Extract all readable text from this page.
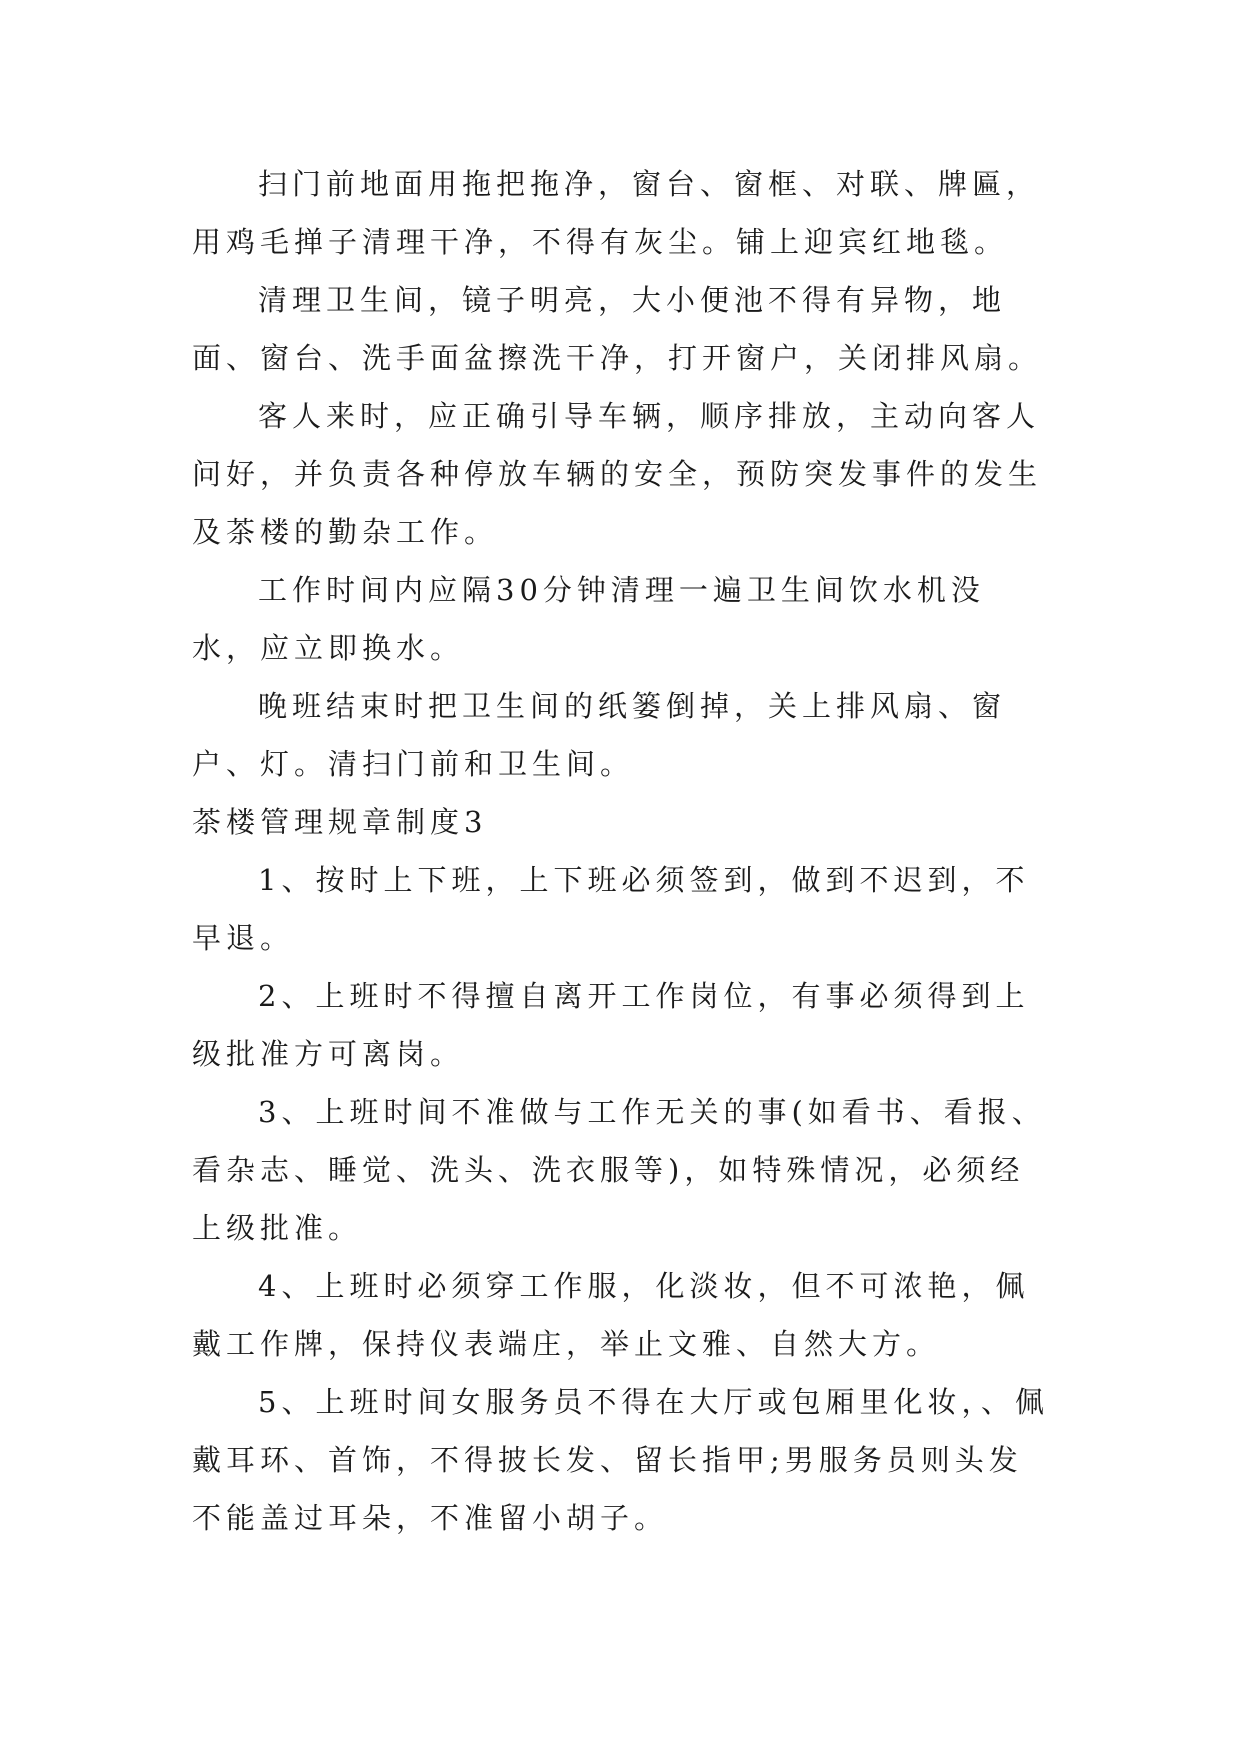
扫门前地面用拖把拖净，窗台、窗框、对联、牌匾，用鸡毛掸子清理干净，不得有灰尘。铺上迎宾红地毯。

清理卫生间，镜子明亮，大小便池不得有异物，地面、窗台、洗手面盆擦洗干净，打开窗户，关闭排风扇。

客人来时，应正确引导车辆，顺序排放，主动向客人问好，并负责各种停放车辆的安全，预防突发事件的发生及茶楼的勤杂工作。

工作时间内应隔30分钟清理一遍卫生间饮水机没水，应立即换水。

晚班结束时把卫生间的纸篓倒掉，关上排风扇、窗户、灯。清扫门前和卫生间。

茶楼管理规章制度3

1、按时上下班，上下班必须签到，做到不迟到，不早退。

2、上班时不得擅自离开工作岗位，有事必须得到上级批准方可离岗。

3、上班时间不准做与工作无关的事(如看书、看报、看杂志、睡觉、洗头、洗衣服等)，如特殊情况，必须经上级批准。

4、上班时必须穿工作服，化淡妆，但不可浓艳，佩戴工作牌，保持仪表端庄，举止文雅、自然大方。

5、上班时间女服务员不得在大厅或包厢里化妆，、佩戴耳环、首饰，不得披长发、留长指甲;男服务员则头发不能盖过耳朵，不准留小胡子。
